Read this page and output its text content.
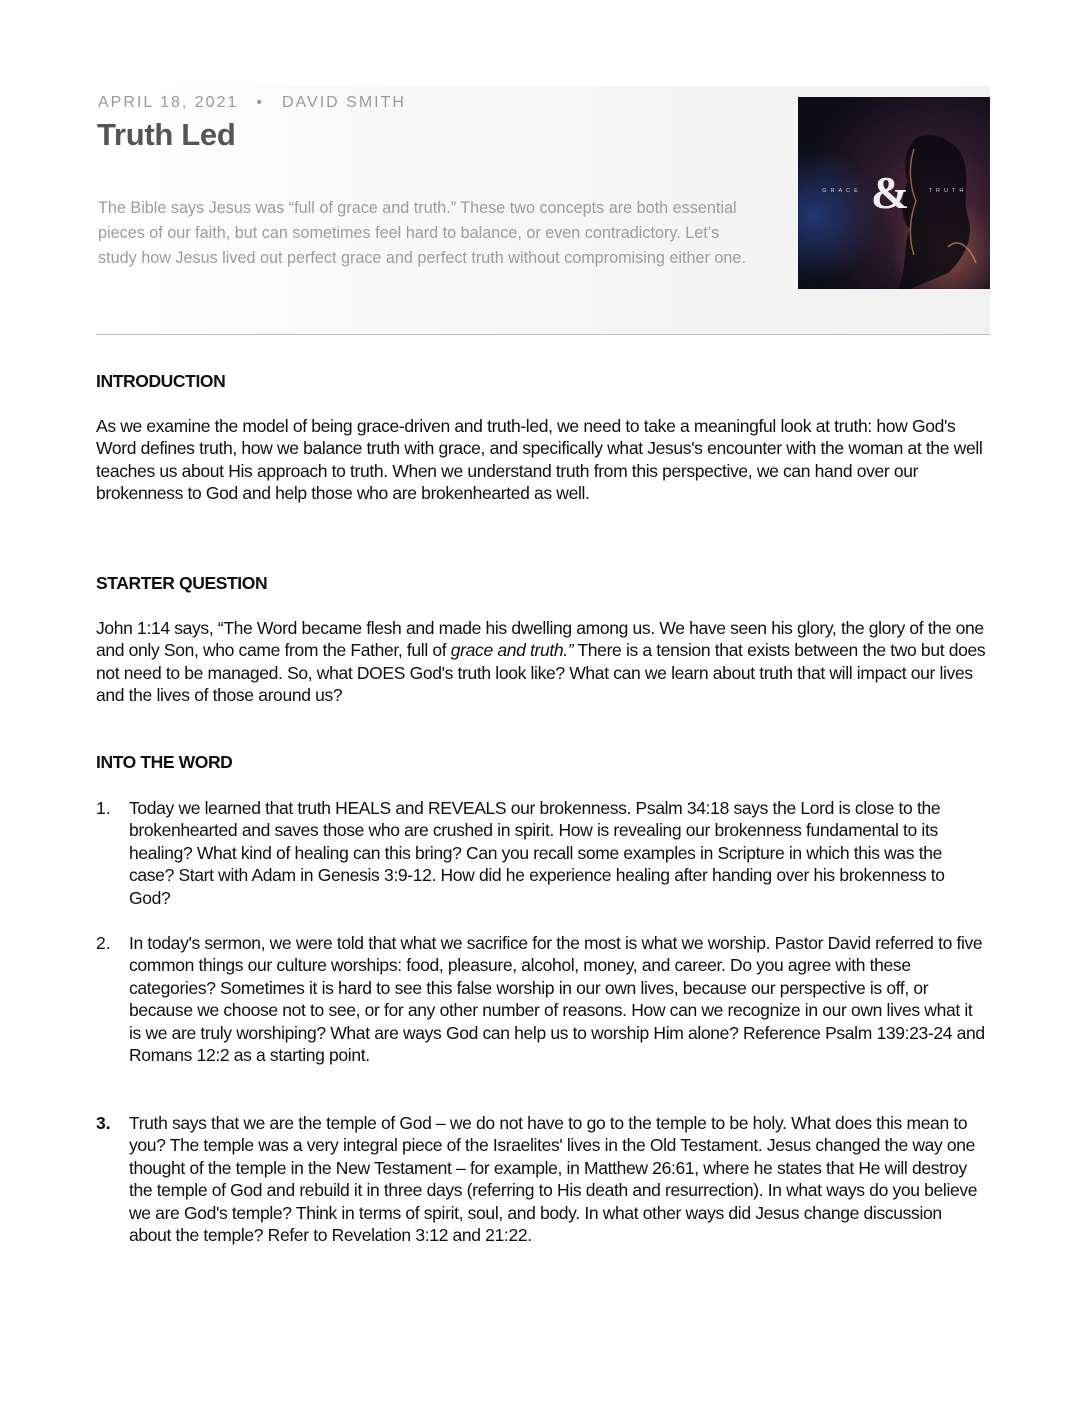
APRIL 18, 2021 • DAVID SMITH
Truth Led

The Bible says Jesus was “full of grace and truth.” These two concepts are both essential pieces of our faith, but can sometimes feel hard to balance, or even contradictory. Let’s study how Jesus lived out perfect grace and perfect truth without compromising either one.

GRACE &	TRUTH
INTRODUCTION

As we examine the model of being grace-driven and truth-led, we need to take a meaningful look at truth: how God's Word defines truth, how we balance truth with grace, and specifically what Jesus's encounter with the woman at the well teaches us about His approach to truth. When we understand truth from this perspective, we can hand over our brokenness to God and help those who are brokenhearted as well.

STARTER QUESTION

John 1:14 says, “The Word became flesh and made his dwelling among us. We have seen his glory, the glory of the one and only Son, who came from the Father, full of grace and truth.” There is a tension that exists between the two but does not need to be managed. So, what DOES God's truth look like? What can we learn about truth that will impact our lives and the lives of those around us?

INTO THE WORD
1. Today we learned that truth HEALS and REVEALS our brokenness. Psalm 34:18 says the Lord is close to the brokenhearted and saves those who are crushed in spirit. How is revealing our brokenness fundamental to its healing? What kind of healing can this bring? Can you recall some examples in Scripture in which this was the case? Start with Adam in Genesis 3:9-12. How did he experience healing after handing over his brokenness to God?

2. In today's sermon, we were told that what we sacrifice for the most is what we worship. Pastor David referred to five common things our culture worships: food, pleasure, alcohol, money, and career. Do you agree with these categories? Sometimes it is hard to see this false worship in our own lives, because our perspective is off, or because we choose not to see, or for any other number of reasons. How can we recognize in our own lives what it is we are truly worshiping? What are ways God can help us to worship Him alone? Reference Psalm 139:23-24 and Romans 12:2 as a starting point.

3. Truth says that we are the temple of God – we do not have to go to the temple to be holy. What does this mean to you? The temple was a very integral piece of the Israelites' lives in the Old Testament. Jesus changed the way one thought of the temple in the New Testament – for example, in Matthew 26:61, where he states that He will destroy the temple of God and rebuild it in three days (referring to His death and resurrection). In what ways do you believe we are God's temple? Think in terms of spirit, soul, and body. In what other ways did Jesus change discussion about the temple? Refer to Revelation 3:12 and 21:22.
